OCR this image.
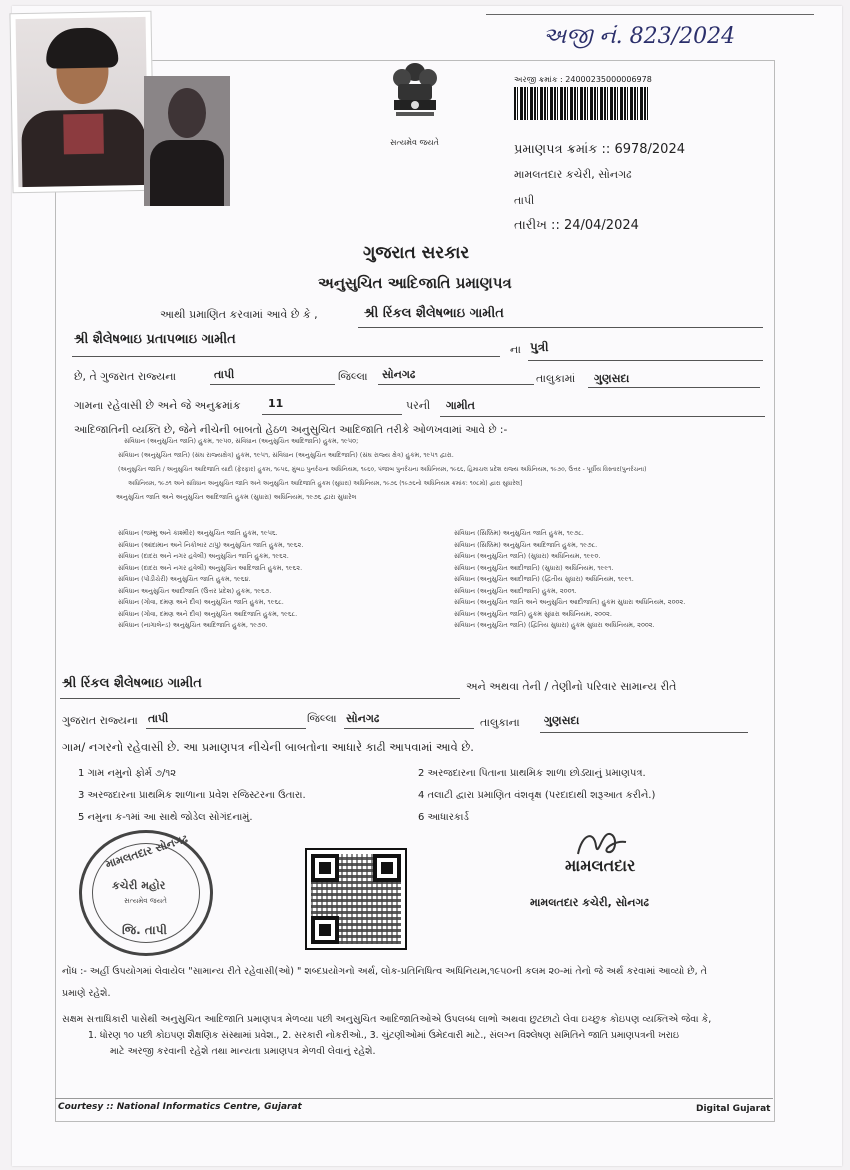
અજી નં. 823/2024
સત્યમેવ જયતે
અરજી ક્રમાંક : 24000235000006978
પ્રમાણપત્ર ક્રમાંક :: 6978/2024
મામલતદાર કચેરી, સોનગઢ
તાપી
તારીખ :: 24/04/2024
ગુજરાત સરકાર
અનુસુચિત આદિજાતિ પ્રમાણપત્ર
આથી પ્રમાણિત કરવામાં આવે છે કે ,	શ્રી રિંકલ શૈલેષભાઇ ગામીત
શ્રી શૈલેષભાઇ પ્રતાપભાઇ ગામીત
ના પુત્રી
છે, તે ગુજરાત રાજ્યના	તાપી	જિલ્લા સોનગઢ	તાલુકામાં ગુણસદા
ગામના રહેવાસી છે અને જે અનુક્રમાંક	11	પરની ગામીત
આદિજાતિની વ્યક્તિ છે, જેને નીચેની બાબતો હેઠળ અનુસુચિત આદિજાતિ તરીકે ઓળખવામાં આવે છે :-
સંવિધાન (અનુસુચિત જાતિ) હુકમ, ૧૯૫૦, સંવિધાન (અનુસુચિત આદિજાતિ) હુકમ, ૧૯૫૦;
સંવિધાન (અનુસુચિત જાતિ) (સંઘ રાજ્યક્ષેત્ર) હુકમ, ૧૯૫૧, સંવિધાન (અનુસુચિત આદિજાતિ) (સંઘ રાજ્ય ક્ષેત્ર) હુકમ, ૧૯૫૧ દ્વારા.
(અનુસુચિત જાતિ / અનુસુચિત આદિજાતિ યાદી (ફેરફાર) હુકમ, ૧૯૫૬, મુંબઇ પુનર્રચના અધિનિયમ, ૧૯૬૦, પંજાબ પુનર્રચના અધિનિયમ, ૧૯૬૬, હિમાચલ પ્રદેશ રાજ્ય અધિનિયમ, ૧૯૭૦, ઉત્તર - પૂર્વીય વિસ્તાર(પુનર્રચના)
અધિનિયમ, ૧૯૭૧ અને સંવિધાન અનુસુચિત જાતિ અને અનુસુચિત આદિજાતિ હુકમ (સુધારા) અધિનિયમ, ૧૯૭૬ (૧૯૭૬નો અધિનિયમ ક્રમાંક: ૧૦૮મો) દ્વારા સુધારેલ]
અનુસુચિત જાતિ અને અનુસુચિત આદિજાતિ હુકમ (સુધારા) અધિનિયમ, ૧૯૭૬ દ્વારા સુધારેલ
સંવિધાન (જમ્મુ અને કાશ્મીર) અનુસુચિત જાતિ હુકમ, ૧૯૫૬.
સંવિધાન (આંદામાન અને નિકોબાર ટાપુ) અનુસુચિત જાતિ હુકમ, ૧૯૬૨.
સંવિધાન (દાદરા અને નગર હવેલી) અનુસુચિત જાતિ હુકમ, ૧૯૬૨.
સંવિધાન (દાદરા અને નગર હવેલી) અનુસુચિત આદિજાતિ હુકમ, ૧૯૬૨.
સંવિધાન (પોંડીચેરી) અનુસુચિત જાતિ હુકમ, ૧૯૬૪.
સંવિધાન અનુસુચિત આદીજાતિ (ઉત્તર પ્રદેશ) હુકમ, ૧૯૬૭.
સંવિધાન (ગોવા, દમણ અને દીવ) અનુસુચિત જાતિ હુકમ, ૧૯૬૮.
સંવિધાન (ગોવા, દમણ અને દીવ) અનુસુચિત આદિજાતિ હુકમ, ૧૯૬૮.
સંવિધાન (નાગાલેન્ડ) અનુસુચિત આદિજાતિ હુકમ, ૧૯૭૦.
સંવિધાન (સિક્કિમ) અનુસુચિત જાતિ હુકમ, ૧૯૭૮.
સંવિધાન (સિક્કિમ) અનુસુચિત આદિજાતિ હુકમ, ૧૯૭૮.
સંવિધાન (અનુસુચિત જાતિ) (સુધારા) અધિનિયમ, ૧૯૯૦.
સંવિધાન (અનુસુચિત આદીજાતિ) (સુધારા) અધિનિયમ, ૧૯૯૧.
સંવિધાન (અનુસુચિત આદીજાતિ) (દ્વિતીય સુધારા) અધિનિયમ, ૧૯૯૧.
સંવિધાન (અનુસુચિત આદીજાતિ) હુકમ, ૨૦૦૧.
સંવિધાન (અનુસુચિત જાતિ અને અનુસુચિત આદીજાતિ) હુકમ સુધારા અધિનિયમ, ૨૦૦૨.
સંવિધાન (અનુસુચિત જાતિ) હુકમ સુધારા અધિનિયમ, ૨૦૦૨.
સંવિધાન (અનુસુચિત જાતિ) (દ્વિતિય સુધારા) હુકમ સુધારા અધિનિયમ, ૨૦૦૨.
શ્રી રિંકલ શૈલેષભાઇ ગામીત	અને અથવા તેની / તેણીનો પરિવાર સામાન્ય રીતે
ગુજરાત રાજ્યના તાપી	જિલ્લા સોનગઢ	તાલુકાના ગુણસદા
ગામ/ નગરનો રહેવાસી છે. આ પ્રમાણપત્ર નીચેની બાબતોના આધારે કાઢી આપવામાં આવે છે.
1 ગામ નમુનો ફોર્મ ૭/૧૨	2 અરજદારના પિતાના પ્રાથમિક શાળા છોડ્યાનું પ્રમાણપત્ર.
3 અરજદારના પ્રાથમિક શાળાના પ્રવેશ રજિસ્ટરના ઉતારા.	4 તલાટી દ્વારા પ્રમાણિત વંશવૃક્ષ (પરદાદાથી શરૂઆત કરીને.)
5 નમુના ક-૧માં આ સાથે જોડેલ સોગંદનામું.	6 આધારકાર્ડ
મામલતદાર સોનગઢ
કચેરી મહોર
સત્યમેવ જયતે
જિ. તાપી
મામલતદાર
મામલતદાર કચેરી, સોનગઢ
નોંધ :- અહીં ઉપયોગમાં લેવાયેલ "સામાન્ય રીતે રહેવાસી(ઓ) " શબ્દપ્રયોગનો અર્થ, લોક-પ્રતિનિધિત્વ અધિનિયમ,૧૯૫૦ની કલમ ૨૦-માં તેનો જે અર્થ કરવામાં આવ્યો છે, તે
પ્રમાણે રહેશે.
સક્ષમ સત્તાધિકારી પાસેથી અનુસુચિત આદિજાતિ પ્રમાણપત્ર મેળવ્યા પછી અનુસુચિત આદિજાતિઓએ ઉપલબ્ધ લાભો અથવા છુટછાટો લેવા ઇચ્છુક કોઇપણ વ્યક્તિએ જેવા કે,
1. ધોરણ ૧૦ પછી કોઇપણ શૈક્ષણિક સંસ્થામાં પ્રવેશ., 2. સરકારી નોકરીઓ., 3. ચુંટણીઓમાં ઉમેદવારી માટે., સંલગ્ન વિશ્લેષણ સમિતિને જાતિ પ્રમાણપત્રની ખરાઇ
માટે અરજી કરવાની રહેશે તથા માન્યતા પ્રમાણપત્ર મેળવી લેવાનું રહેશે.
Courtesy :: National Informatics Centre, Gujarat	Digital Gujarat
